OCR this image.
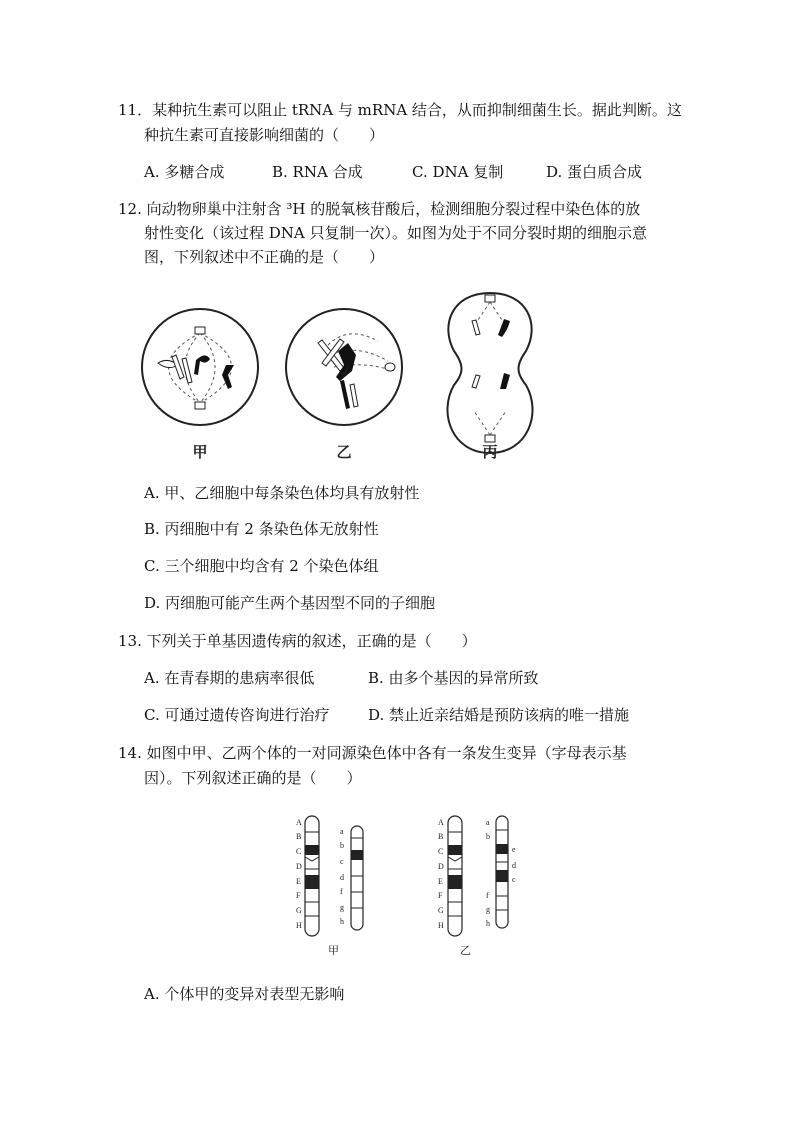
11．某种抗生素可以阻止 tRNA 与 mRNA 结合，从而抑制细菌生长。据此判断。这
种抗生素可直接影响细菌的（　　）
A. 多糖合成	B. RNA 合成	C. DNA 复制	D. 蛋白质合成
12. 向动物卵巢中注射含 ³H 的脱氧核苷酸后，检测细胞分裂过程中染色体的放
射性变化（该过程 DNA 只复制一次）。如图为处于不同分裂时期的细胞示意
图，下列叙述中不正确的是（　　）
甲	乙	丙
A. 甲、乙细胞中每条染色体均具有放射性
B. 丙细胞中有 2 条染色体无放射性
C. 三个细胞中均含有 2 个染色体组
D. 丙细胞可能产生两个基因型不同的子细胞
13. 下列关于单基因遗传病的叙述，正确的是（　　）
A. 在青春期的患病率很低	B. 由多个基因的异常所致
C. 可通过遗传咨询进行治疗	D. 禁止近亲结婚是预防该病的唯一措施
14. 如图中甲、乙两个体的一对同源染色体中各有一条发生变异（字母表示基
因）。下列叙述正确的是（　　）
A
B
C
D
E
F
G
H
a
b
c
d
f
g
h
甲
A
B
C
D
E
F
G
H
a
b
e
d
c
f
g
h
乙
A. 个体甲的变异对表型无影响
